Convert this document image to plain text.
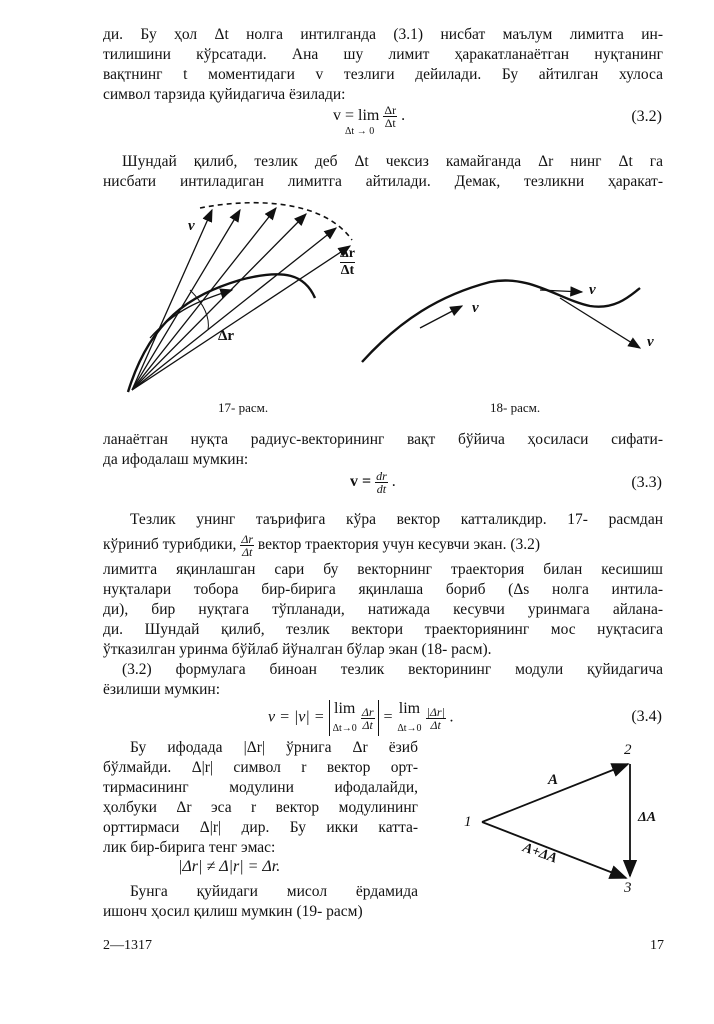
ди. Бу ҳол Δt нолга интилганда (3.1) нисбат маълум лимитга ин-
тилишини кўрсатади. Ана шу лимит ҳаракатланаётган нуқтанинг
вақтнинг t моментидаги v тезлиги дейилади. Бу айтилган хулоса
символ тарзида қуйидагича ёзилади:
$v = \lim \frac{\Delta r}{\Delta t}$ .
Δt → 0
(3.2)
Шундай қилиб, тезлик деб Δt чексиз камайганда Δr нинг Δt га
нисбати интиладиган лимитга айтилади. Демак, тезликни ҳаракат-
v
Δr
$\frac{\Delta r}{\Delta t}$
17- расм.
v
v
v
18- расм.
ланаётган нуқта радиус-векторининг вақт бўйича ҳосиласи сифати-
да ифодалаш мумкин:
$v = \frac{dr}{dt}$ .	(3.3)
Тезлик унинг таърифига кўра вектор катталикдир. 17- расмдан
кўриниб турибдики, $\frac{\Delta r}{\Delta t}$ вектор траектория учун кесувчи экан. (3.2)
лимитга яқинлашган сари бу векторнинг траектория билан кесишиш
нуқталари тобора бир-бирига яқинлаша бориб (Δs нолга интила-
ди), бир нуқтага тўпланади, натижада кесувчи уринмага айлана-
ди. Шундай қилиб, тезлик вектори траекториянинг мос нуқтасига
ўтказилган уринма бўйлаб йўналган бўлар экан (18- расм).
(3.2) формулага биноан тезлик векторининг модули қуйидагича
ёзилиши мумкин:
v = |v| = lim
$\Delta t\to 0 \frac{\Delta r}{\Delta t} = \lim$
$\Delta t\to 0 \frac{|\Delta r|}{\Delta t}$ .	(3.4)
Бу ифодада |Δr| ўрнига Δr ёзиб
бўлмайди. Δ|r| символ r вектор орт-
тирмасининг модулини ифодалайди,
ҳолбуки Δr эса r вектор модулининг
орттирмаси Δ|r| дир. Бу икки катта-
лик бир-бирига тенг эмас:
|Δr| ≠ Δ|r| = Δr.
Бунга қуйидаги мисол ёрдамида
ишонч ҳосил қилиш мумкин (19- расм)
1
2
3
A
ΔA
A+ΔA
2—1317	17
